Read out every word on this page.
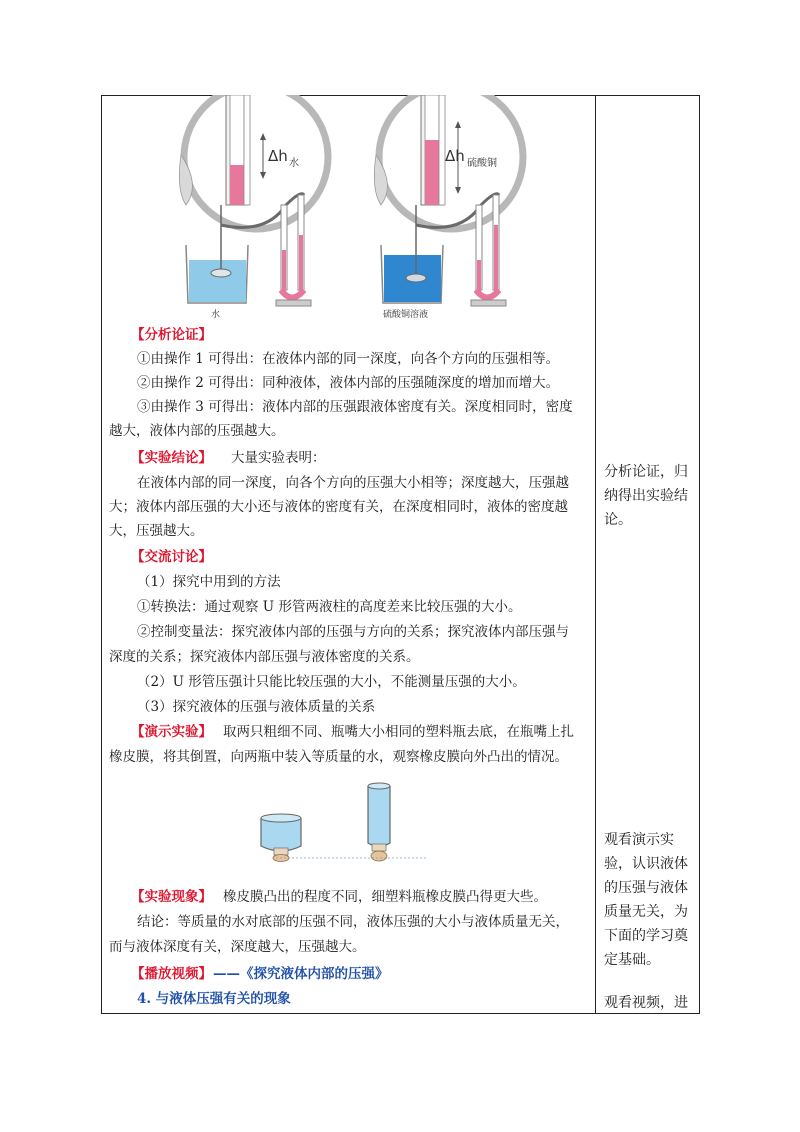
Δh 水
水
Δh 硫酸铜
硫酸铜溶液
【分析论证】
①由操作 1 可得出：在液体内部的同一深度，向各个方向的压强相等。
②由操作 2 可得出：同种液体，液体内部的压强随深度的增加而增大。
③由操作 3 可得出：液体内部的压强跟液体密度有关。深度相同时，密度
越大，液体内部的压强越大。
【实验结论】 大量实验表明：
在液体内部的同一深度，向各个方向的压强大小相等；深度越大，压强越
大；液体内部压强的大小还与液体的密度有关，在深度相同时，液体的密度越
大，压强越大。
【交流讨论】
（1）探究中用到的方法
①转换法：通过观察 U 形管两液柱的高度差来比较压强的大小。
②控制变量法：探究液体内部的压强与方向的关系；探究液体内部压强与
深度的关系；探究液体内部压强与液体密度的关系。
（2）U 形管压强计只能比较压强的大小，不能测量压强的大小。
（3）探究液体的压强与液体质量的关系
【演示实验】 取两只粗细不同、瓶嘴大小相同的塑料瓶去底，在瓶嘴上扎
橡皮膜，将其倒置，向两瓶中装入等质量的水，观察橡皮膜向外凸出的情况。
【实验现象】 橡皮膜凸出的程度不同，细塑料瓶橡皮膜凸得更大些。
结论：等质量的水对底部的压强不同，液体压强的大小与液体质量无关，
而与液体深度有关，深度越大，压强越大。
【播放视频】 ——《探究液体内部的压强》
4. 与液体压强有关的现象
分析论证，归纳得出实验结论。
观看演示实验，认识液体的压强与液体质量无关，为下面的学习奠定基础。
观看视频，进
